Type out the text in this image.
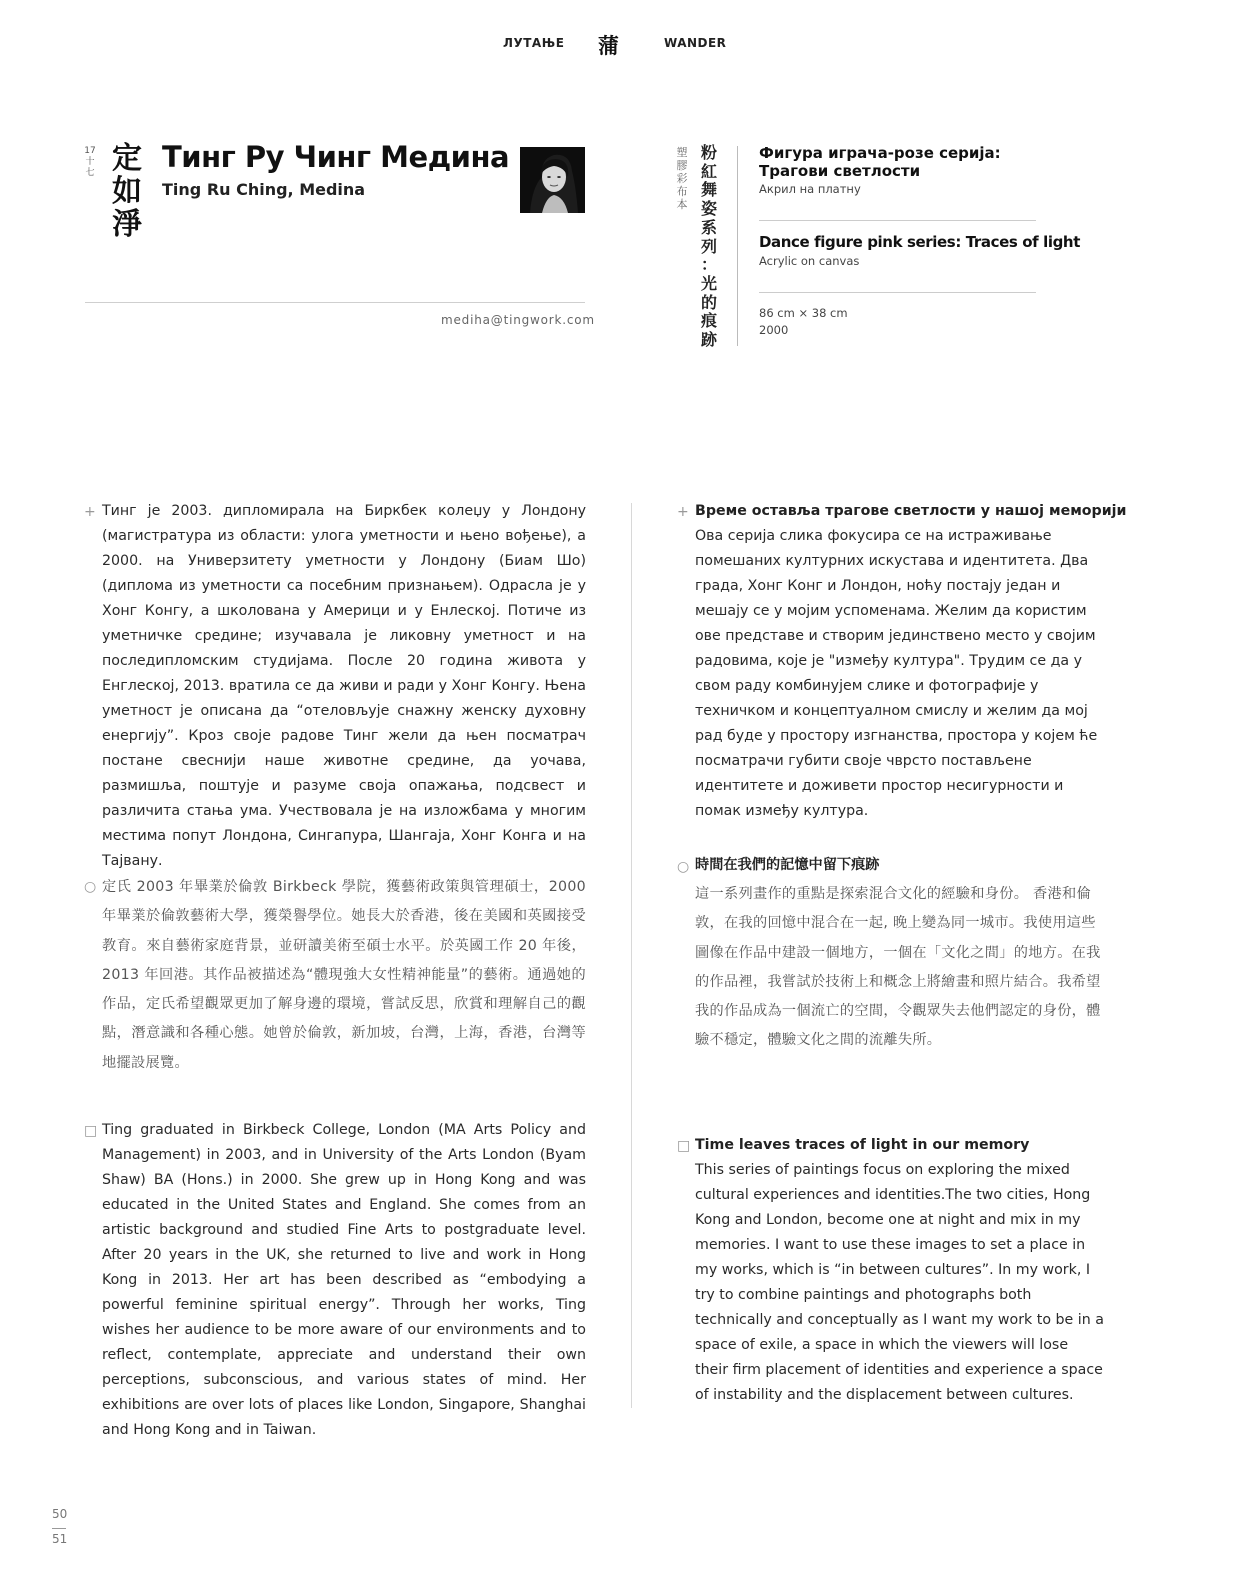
ЛУТАЊЕ 蒲	WANDER
17
十
七 定
如
淨
Тинг Ру Чинг Медина
Ting Ru Ching, Medina
mediha@tingwork.com
塑
膠
彩
布
本
粉
紅
舞
姿
系
列
：
光
的
痕
跡
Фигура играча-розе серија: Трагови светлости
Акрил на платну
Dance figure pink series: Traces of light
Acrylic on canvas
86 cm × 38 cm
2000
+ Тинг је 2003. дипломирала на Биркбек колеџу у Лондону (магистратура из области: улога уметности и њено вођење), а 2000. на Универзитету уметности у Лондону (Биам Шо) (диплома из уметности са посебним признањем). Одрасла је у Хонг Конгу, а школована у Америци и у Енлеској. Потиче из уметничке средине; изучавала је ликовну уметност и на пoслeдиплoмским студијама. После 20 година живота у Енглеској, 2013. вратила се да живи и ради у Хонг Конгу. Њена уметност је описана да “отеловљује снажну женску духовну енергију”. Кроз своје радове Тинг жели да њен посматрач постане свеснији наше животне средине, да уочава, размишља, поштује и разуме своја опажања, подсвест и различита стања ума. Учествовала је на изложбама у многим местима попут Лондона, Сингапура, Шангаја, Хонг Конга и на Тајвану.

○ 定氏 2003 年畢業於倫敦 Birkbeck 學院，獲藝術政策與管理碩士，2000 年畢業於倫敦藝術大學，獲榮譽學位。她長大於香港，後在美國和英國接受教育。來自藝術家庭背景，並研讀美術至碩士水平。於英國工作 20 年後，2013 年回港。其作品被描述為“體現強大女性精神能量”的藝術。通過她的作品，定氏希望觀眾更加了解身邊的環境，嘗試反思，欣賞和理解自己的觀點，潛意識和各種心態。她曾於倫敦，新加坡，台灣，上海，香港，台灣等地擺設展覽。

□ Ting graduated in Birkbeck College, London (MA Arts Policy and Management) in 2003, and in University of the Arts London (Byam Shaw) BA (Hons.) in 2000. She grew up in Hong Kong and was educated in the United States and England. She comes from an artistic background and studied Fine Arts to postgraduate level. After 20 years in the UK, she returned to live and work in Hong Kong in 2013. Her art has been described as “embodying a powerful feminine spiritual energy”. Through her works, Ting wishes her audience to be more aware of our environments and to reflect, contemplate, appreciate and understand their own perceptions, subconscious, and various states of mind. Her exhibitions are over lots of places like London, Singapore, Shanghai and Hong Kong and in Taiwan.

+ Време оставља трагове светлости у нашој меморији

Ова серија слика фокусира се на истраживање помешаних културних искустава и идентитета. Два града, Хонг Конг и Лондон, ноћу постају један и мешају се у мојим успоменама. Желим да користим ове представе и створим јединствено место у својим радовима, које је "између култура". Трудим се да у свом раду комбинујем слике и фотографије у техничком и концептуалном смислу и желим да мој рад буде у простору изгнанства, простора у којем ће посматрачи губити своје чврсто постављене идентитете и доживети простор несигурности и помак између култура.

○ 時間在我們的記憶中留下痕跡

這一系列畫作的重點是探索混合文化的經驗和身份。 香港和倫敦，在我的回憶中混合在一起, 晚上變為同一城市。我使用這些圖像在作品中建設一個地方，一個在「文化之間」的地方。在我的作品裡，我嘗試於技術上和概念上將繪畫和照片結合。我希望我的作品成為一個流亡的空間，令觀眾失去他們認定的身份，體驗不穩定，體驗文化之間的流離失所。

□ Time leaves traces of light in our memory

This series of paintings focus on exploring the mixed cultural experiences and identities.The two cities, Hong Kong and London, become one at night and mix in my memories. I want to use these images to set a place in my works, which is “in between cultures”. In my work, I try to combine paintings and photographs both technically and conceptually as I want my work to be in a space of exile, a space in which the viewers will lose their firm placement of identities and experience a space of instability and the displacement between cultures.

50
51
